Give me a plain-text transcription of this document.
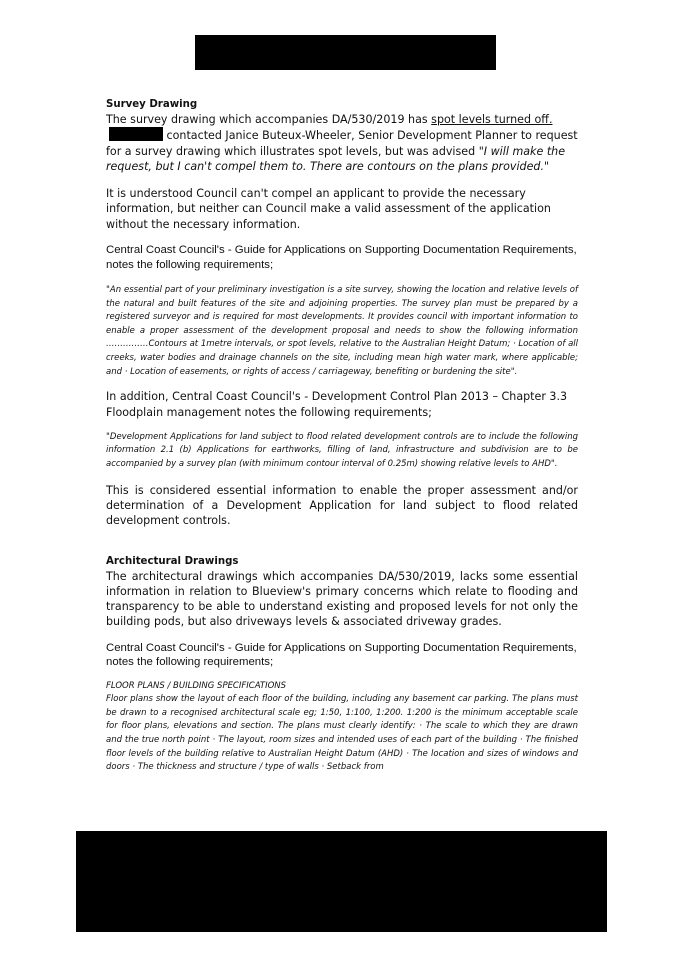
Survey Drawing

The survey drawing which accompanies DA/530/2019 has spot levels turned off. contacted Janice Buteux-Wheeler, Senior Development Planner to request for a survey drawing which illustrates spot levels, but was advised "I will make the request, but I can't compel them to. There are contours on the plans provided."

It is understood Council can't compel an applicant to provide the necessary information, but neither can Council make a valid assessment of the application without the necessary information.

Central Coast Council's - Guide for Applications on Supporting Documentation Requirements, notes the following requirements;

"An essential part of your preliminary investigation is a site survey, showing the location and relative levels of the natural and built features of the site and adjoining properties. The survey plan must be prepared by a registered surveyor and is required for most developments. It provides council with important information to enable a proper assessment of the development proposal and needs to show the following information ……………Contours at 1metre intervals, or spot levels, relative to the Australian Height Datum; · Location of all creeks, water bodies and drainage channels on the site, including mean high water mark, where applicable; and · Location of easements, or rights of access / carriageway, benefiting or burdening the site".

In addition, Central Coast Council's - Development Control Plan 2013 – Chapter 3.3 Floodplain management notes the following requirements;

"Development Applications for land subject to flood related development controls are to include the following information 2.1 (b) Applications for earthworks, filling of land, infrastructure and subdivision are to be accompanied by a survey plan (with minimum contour interval of 0.25m) showing relative levels to AHD".

This is considered essential information to enable the proper assessment and/or determination of a Development Application for land subject to flood related development controls.

Architectural Drawings

The architectural drawings which accompanies DA/530/2019, lacks some essential information in relation to Blueview's primary concerns which relate to flooding and transparency to be able to understand existing and proposed levels for not only the building pods, but also driveways levels & associated driveway grades.

Central Coast Council's - Guide for Applications on Supporting Documentation Requirements, notes the following requirements;

FLOOR PLANS / BUILDING SPECIFICATIONS

Floor plans show the layout of each floor of the building, including any basement car parking. The plans must be drawn to a recognised architectural scale eg; 1:50, 1:100, 1:200. 1:200 is the minimum acceptable scale for floor plans, elevations and section. The plans must clearly identify: · The scale to which they are drawn and the true north point · The layout, room sizes and intended uses of each part of the building · The finished floor levels of the building relative to Australian Height Datum (AHD) · The location and sizes of windows and doors · The thickness and structure / type of walls · Setback from
